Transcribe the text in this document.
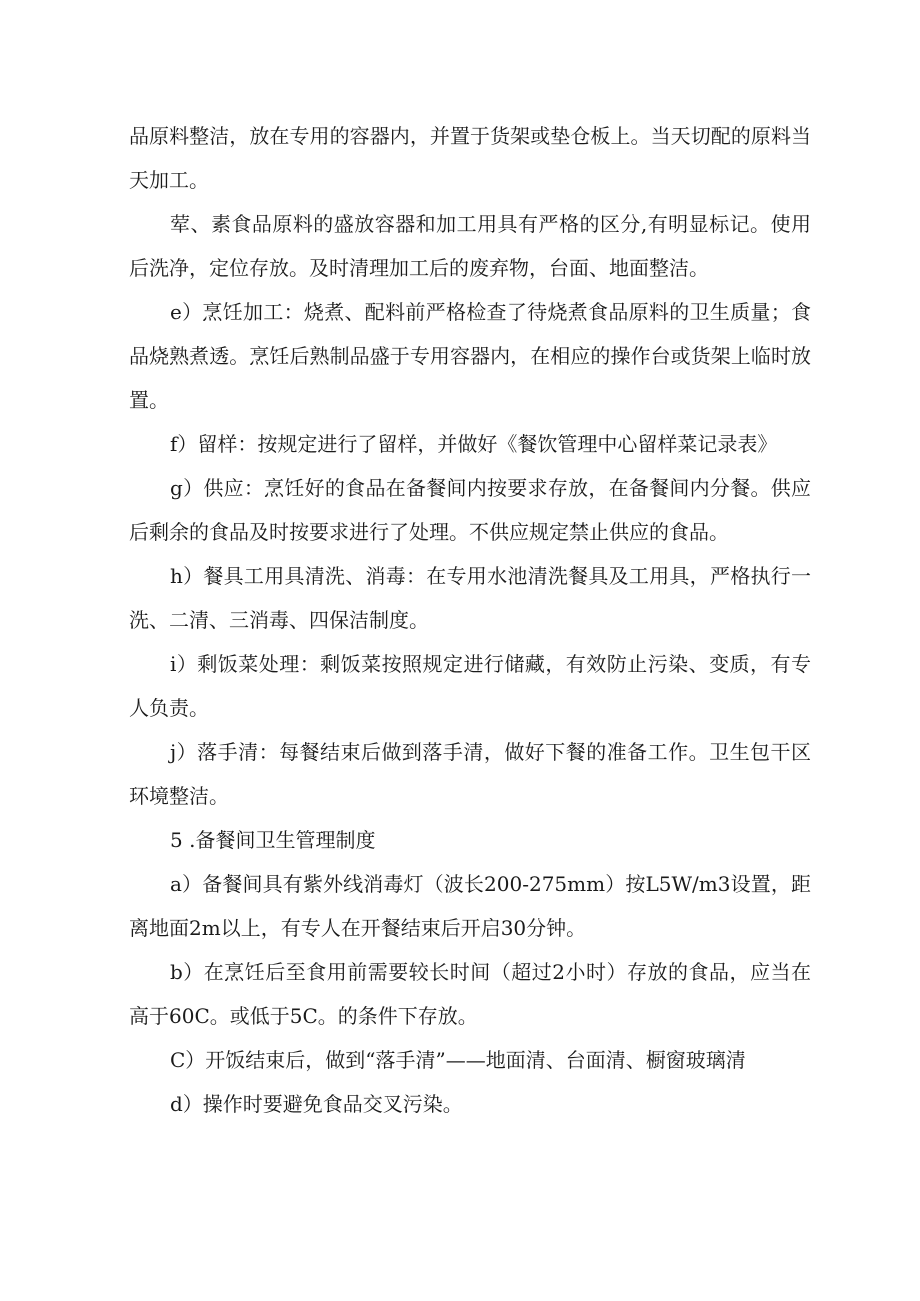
品原料整洁，放在专用的容器内，并置于货架或垫仓板上。当天切配的原料当天加工。

荤、素食品原料的盛放容器和加工用具有严格的区分,有明显标记。使用后洗净，定位存放。及时清理加工后的废弃物，台面、地面整洁。

e）烹饪加工：烧煮、配料前严格检查了待烧煮食品原料的卫生质量；食品烧熟煮透。烹饪后熟制品盛于专用容器内，在相应的操作台或货架上临时放置。

f）留样：按规定进行了留样，并做好《餐饮管理中心留样菜记录表》

g）供应：烹饪好的食品在备餐间内按要求存放，在备餐间内分餐。供应后剩余的食品及时按要求进行了处理。不供应规定禁止供应的食品。

h）餐具工用具清洗、消毒：在专用水池清洗餐具及工用具，严格执行一洗、二清、三消毒、四保洁制度。

i）剩饭菜处理：剩饭菜按照规定进行储藏，有效防止污染、变质，有专人负责。

j）落手清：每餐结束后做到落手清，做好下餐的准备工作。卫生包干区环境整洁。

5 .备餐间卫生管理制度

a）备餐间具有紫外线消毒灯（波长200-275mm）按L5W∕m3设置，距离地面2m以上，有专人在开餐结束后开启30分钟。

b）在烹饪后至食用前需要较长时间（超过2小时）存放的食品，应当在高于60C。或低于5C。的条件下存放。

C）开饭结束后，做到“落手清”——地面清、台面清、橱窗玻璃清

d）操作时要避免食品交叉污染。
